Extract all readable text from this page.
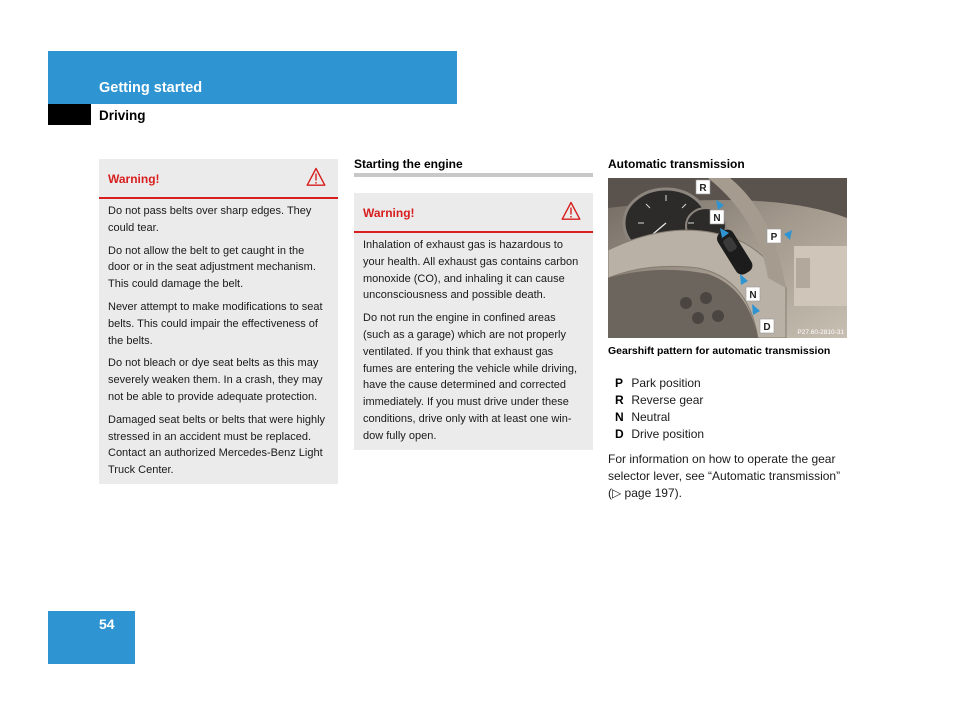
Getting started
Driving
Warning!

Do not pass belts over sharp edges. They could tear.

Do not allow the belt to get caught in the door or in the seat adjustment mechanism. This could damage the belt.

Never attempt to make modifications to seat belts. This could impair the effectiveness of the belts.

Do not bleach or dye seat belts as this may severely weaken them. In a crash, they may not be able to provide adequate protection.

Damaged seat belts or belts that were highly stressed in an accident must be replaced. Contact an authorized Mercedes-Benz Light Truck Center.

Starting the engine
Warning!

Inhalation of exhaust gas is hazardous to your health. All exhaust gas contains carbon monoxide (CO), and inhaling it can cause unconsciousness and possible death.

Do not run the engine in confined areas (such as a garage) which are not properly ventilated. If you think that exhaust gas fumes are entering the vehicle while driving, have the cause determined and corrected immediately. If you must drive under these conditions, drive only with at least one window fully open.

Automatic transmission
R
N
P
N
D	P27.60-2810-31
Gearshift pattern for automatic transmission
P Park position
R Reverse gear
N Neutral
D Drive position
For information on how to operate the gear selector lever, see “Automatic transmission” (▷ page 197).
54
